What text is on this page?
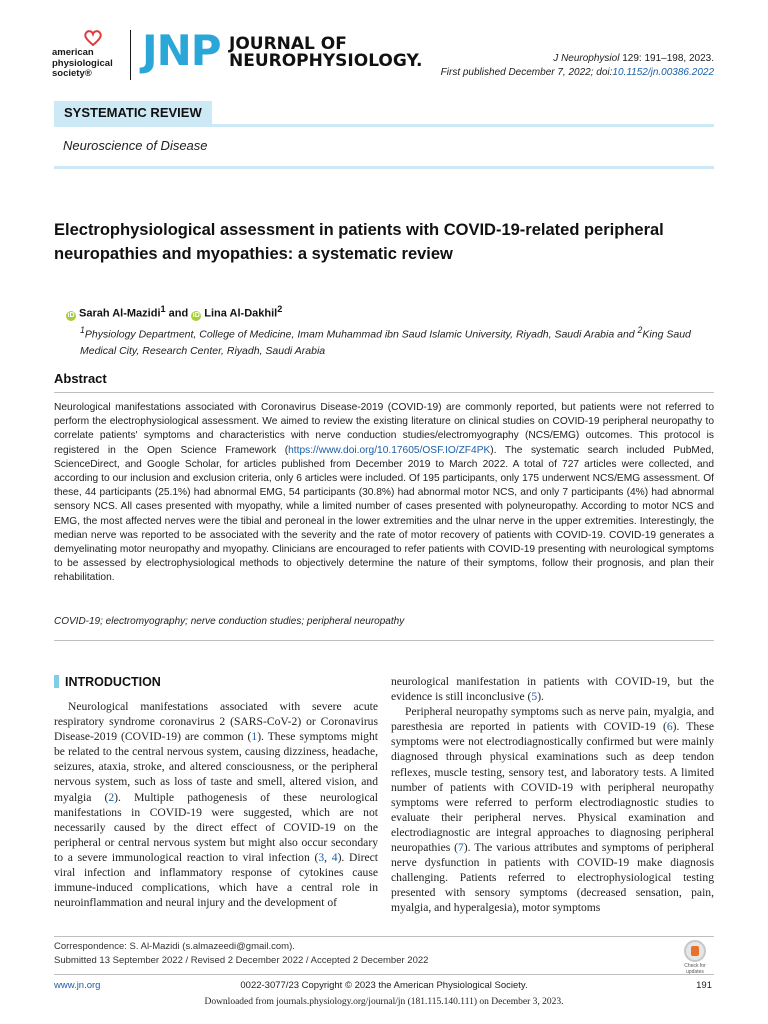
american
physiological
society®	JNP JOURNAL OF
NEUROPHYSIOLOGY.	J Neurophysiol 129: 191–198, 2023.
First published December 7, 2022; doi:10.1152/jn.00386.2022
SYSTEMATIC REVIEW
Neuroscience of Disease
Electrophysiological assessment in patients with COVID-19-related peripheral neuropathies and myopathies: a systematic review
iD Sarah Al-Mazidi$^1$ and iD Lina Al-Dakhil$^2$
$^1$Physiology Department, College of Medicine, Imam Muhammad ibn Saud Islamic University, Riyadh, Saudi Arabia and $^2$King Saud Medical City, Research Center, Riyadh, Saudi Arabia
Abstract
Neurological manifestations associated with Coronavirus Disease-2019 (COVID-19) are commonly reported, but patients were not referred to perform the electrophysiological assessment. We aimed to review the existing literature on clinical studies on COVID-19 peripheral neuropathy to correlate patients' symptoms and characteristics with nerve conduction studies/electromyography (NCS/EMG) outcomes. This protocol is registered in the Open Science Framework (https://www.doi.org/10.17605/OSF.IO/ZF4PK). The systematic search included PubMed, ScienceDirect, and Google Scholar, for articles published from December 2019 to March 2022. A total of 727 articles were collected, and according to our inclusion and exclusion criteria, only 6 articles were included. Of 195 participants, only 175 underwent NCS/EMG assessment. Of these, 44 participants (25.1%) had abnormal EMG, 54 participants (30.8%) had abnormal motor NCS, and only 7 participants (4%) had abnormal sensory NCS. All cases presented with myopathy, while a limited number of cases presented with polyneuropathy. According to motor NCS and EMG, the most affected nerves were the tibial and peroneal in the lower extremities and the ulnar nerve in the upper extremities. Interestingly, the median nerve was reported to be associated with the severity and the rate of motor recovery of patients with COVID-19. COVID-19 generates a demyelinating motor neuropathy and myopathy. Clinicians are encouraged to refer patients with COVID-19 presenting with neurological symptoms to be assessed by electrophysiological methods to objectively determine the nature of their symptoms, follow their prognosis, and plan their rehabilitation.
COVID-19; electromyography; nerve conduction studies; peripheral neuropathy
INTRODUCTION

Neurological manifestations associated with severe acute respiratory syndrome coronavirus 2 (SARS-CoV-2) or Coronavirus Disease-2019 (COVID-19) are common (1). These symptoms might be related to the central nervous system, causing dizziness, headache, seizures, ataxia, stroke, and altered consciousness, or the peripheral nervous system, such as loss of taste and smell, altered vision, and myalgia (2). Multiple pathogenesis of these neurological manifestations in COVID-19 were suggested, which are not necessarily caused by the direct effect of COVID-19 on the peripheral or central nervous system but might also occur secondary to a severe immunological reaction to viral infection (3, 4). Direct viral infection and inflammatory response of cytokines cause immune-induced complications, which have a central role in neuroinflammation and neural injury and the development of

neurological manifestation in patients with COVID-19, but the evidence is still inconclusive (5).

Peripheral neuropathy symptoms such as nerve pain, myalgia, and paresthesia are reported in patients with COVID-19 (6). These symptoms were not electrodiagnostically confirmed but were mainly diagnosed through physical examinations such as deep tendon reflexes, muscle testing, sensory test, and laboratory tests. A limited number of patients with COVID-19 with peripheral neuropathy symptoms were referred to perform electrodiagnostic studies to evaluate their peripheral nerves. Physical examination and electrodiagnostic are integral approaches to diagnosing peripheral neuropathies (7). The various attributes and symptoms of peripheral nerve dysfunction in patients with COVID-19 make diagnosis challenging. Patients referred to electrophysiological testing presented with sensory symptoms (decreased sensation, pain, myalgia, and hyperalgesia), motor symptoms

Correspondence: S. Al-Mazidi (s.almazeedi@gmail.com).
Submitted 13 September 2022 / Revised 2 December 2022 / Accepted 2 December 2022	Check for updates
www.jn.org	0022-3077/23 Copyright © 2023 the American Physiological Society.	191
Downloaded from journals.physiology.org/journal/jn (181.115.140.111) on December 3, 2023.
